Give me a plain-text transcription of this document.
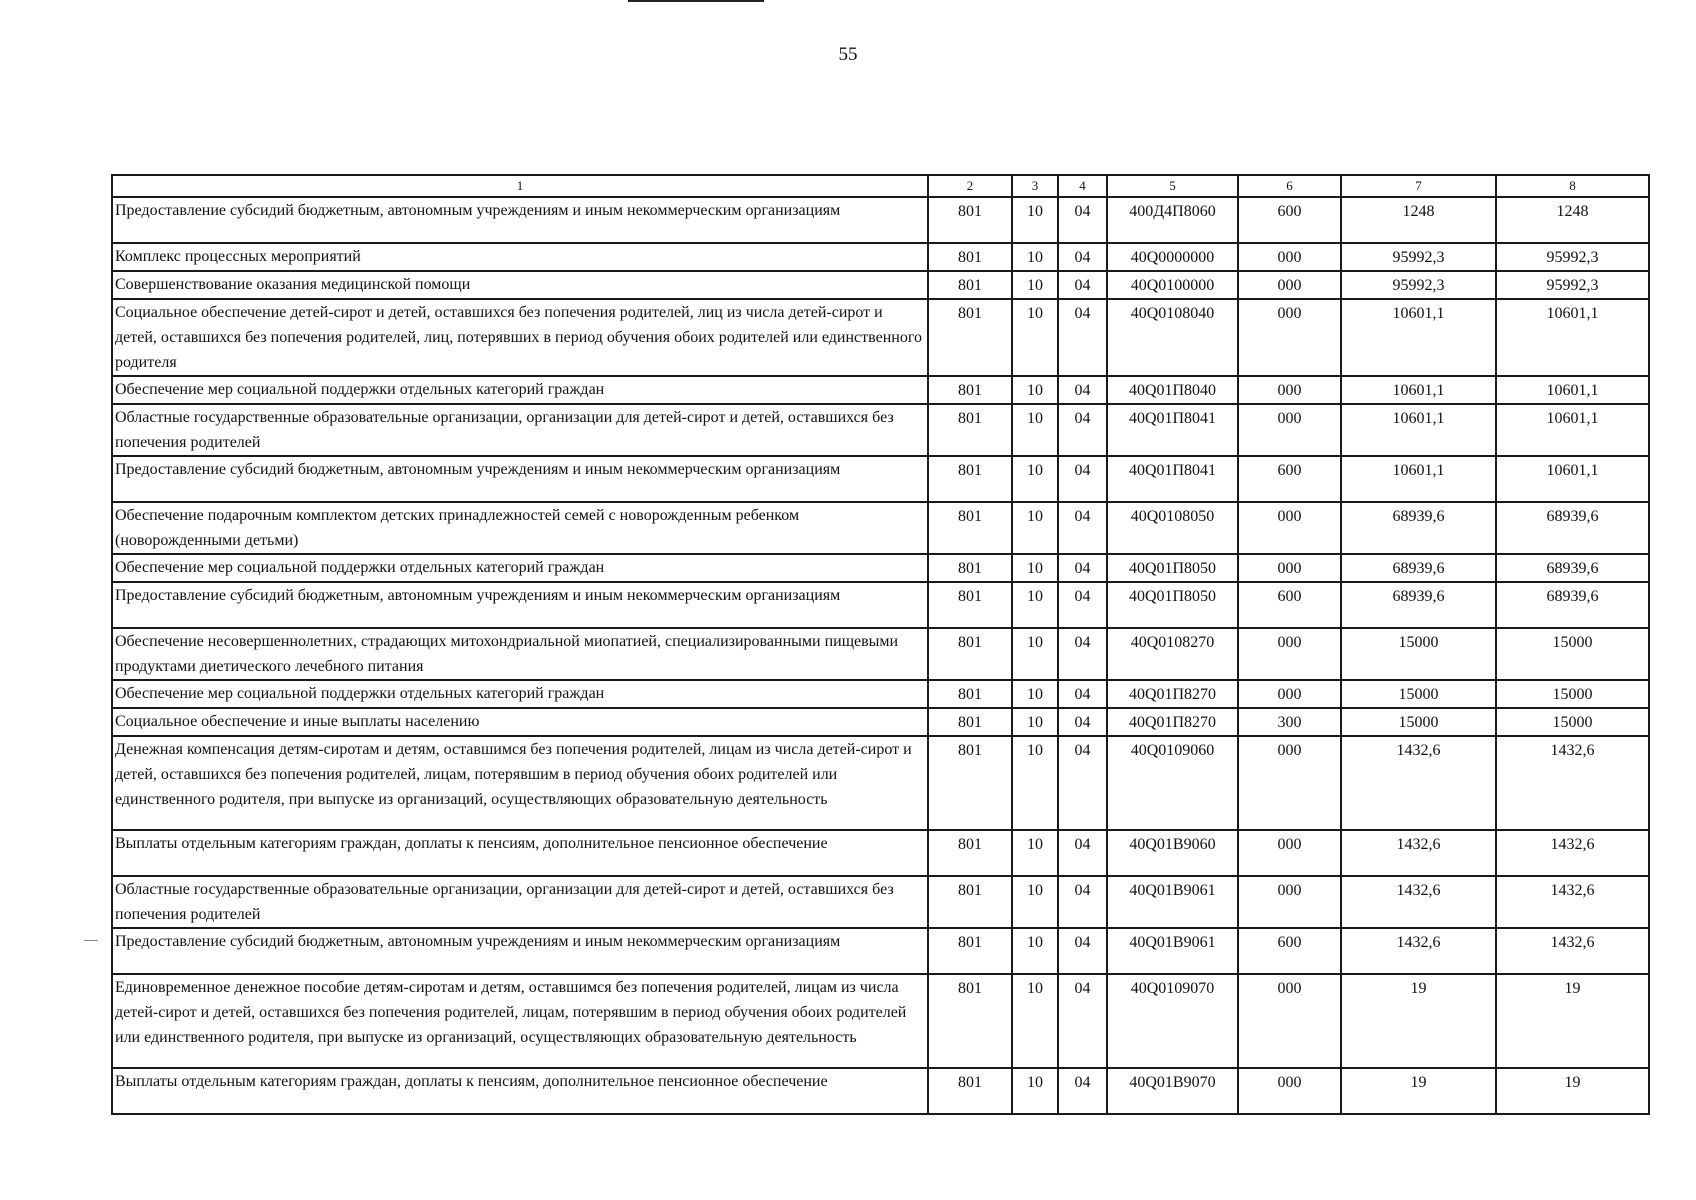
55
1	2	3	4	5	6	7	8
Предоставление субсидий бюджетным, автономным учреждениям и иным некоммерческим организациям	801	10	04	400Д4П8060	600	1248	1248
Комплекс процессных мероприятий	801	10	04	40Q0000000	000	95992,3	95992,3
Совершенствование оказания медицинской помощи	801	10	04	40Q0100000	000	95992,3	95992,3
Социальное обеспечение детей-сирот и детей, оставшихся без попечения родителей, лиц из числа детей-сирот и детей, оставшихся без попечения родителей, лиц, потерявших в период обучения обоих родителей или единственного родителя	801	10	04	40Q0108040	000	10601,1	10601,1
Обеспечение мер социальной поддержки отдельных категорий граждан	801	10	04	40Q01П8040	000	10601,1	10601,1
Областные государственные образовательные организации, организации для детей-сирот и детей, оставшихся без попечения родителей	801	10	04	40Q01П8041	000	10601,1	10601,1
Предоставление субсидий бюджетным, автономным учреждениям и иным некоммерческим организациям	801	10	04	40Q01П8041	600	10601,1	10601,1
Обеспечение подарочным комплектом детских принадлежностей семей с новорожденным ребенком (новорожденными детьми)	801	10	04	40Q0108050	000	68939,6	68939,6
Обеспечение мер социальной поддержки отдельных категорий граждан	801	10	04	40Q01П8050	000	68939,6	68939,6
Предоставление субсидий бюджетным, автономным учреждениям и иным некоммерческим организациям	801	10	04	40Q01П8050	600	68939,6	68939,6
Обеспечение несовершеннолетних, страдающих митохондриальной миопатией, специализированными пищевыми продуктами диетического лечебного питания	801	10	04	40Q0108270	000	15000	15000
Обеспечение мер социальной поддержки отдельных категорий граждан	801	10	04	40Q01П8270	000	15000	15000
Социальное обеспечение и иные выплаты населению	801	10	04	40Q01П8270	300	15000	15000
Денежная компенсация детям-сиротам и детям, оставшимся без попечения родителей, лицам из числа детей-сирот и детей, оставшихся без попечения родителей, лицам, потерявшим в период обучения обоих родителей или единственного родителя, при выпуске из организаций, осуществляющих образовательную деятельность	801	10	04	40Q0109060	000	1432,6	1432,6
Выплаты отдельным категориям граждан, доплаты к пенсиям, дополнительное пенсионное обеспечение	801	10	04	40Q01В9060	000	1432,6	1432,6
Областные государственные образовательные организации, организации для детей-сирот и детей, оставшихся без попечения родителей	801	10	04	40Q01В9061	000	1432,6	1432,6
Предоставление субсидий бюджетным, автономным учреждениям и иным некоммерческим организациям	801	10	04	40Q01В9061	600	1432,6	1432,6
Единовременное денежное пособие детям-сиротам и детям, оставшимся без попечения родителей, лицам из числа детей-сирот и детей, оставшихся без попечения родителей, лицам, потерявшим в период обучения обоих родителей или единственного родителя, при выпуске из организаций, осуществляющих образовательную деятельность	801	10	04	40Q0109070	000	19	19
Выплаты отдельным категориям граждан, доплаты к пенсиям, дополнительное пенсионное обеспечение	801	10	04	40Q01В9070	000	19	19
